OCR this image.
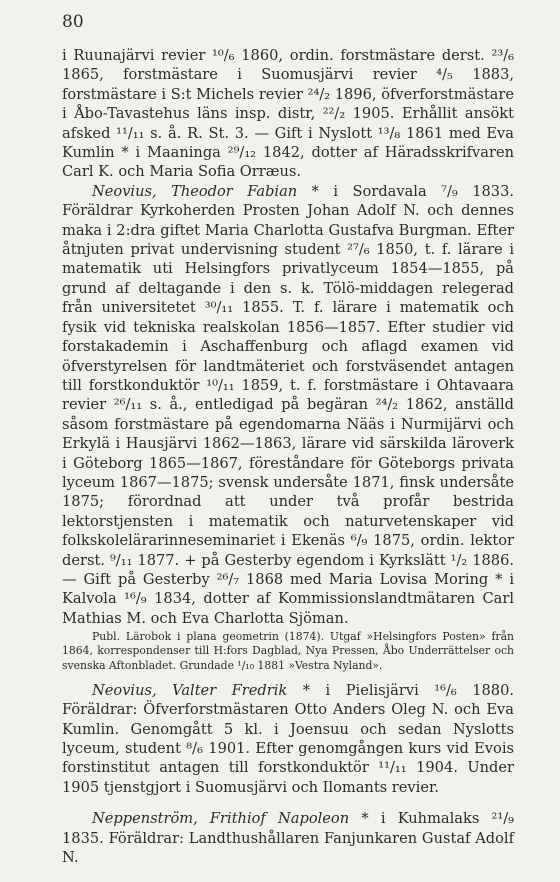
80

i Ruunajärvi revier ¹⁰/₆ 1860, ordin. forstmästare derst. ²³/₆ 1865, forstmästare i Suomusjärvi revier ⁴/₅ 1883, forstmästare i S:t Michels revier ²⁴/₂ 1896, öfverforstmästare i Åbo-Tavastehus läns insp. distr, ²²/₂ 1905. Erhållit ansökt afsked ¹¹/₁₁ s. å. R. St. 3. — Gift i Nyslott ¹³/₈ 1861 med Eva Kumlin * i Maaninga ²⁹/₁₂ 1842, dotter af Häradsskrifvaren Carl K. och Maria Sofia Orræus.

Neovius, Theodor Fabian * i Sordavala ⁷/₉ 1833. Föräldrar Kyrkoherden Prosten Johan Adolf N. och dennes maka i 2:dra giftet Maria Charlotta Gustafva Burgman. Efter åtnjuten privat undervisning student ²⁷/₆ 1850, t. f. lärare i matematik uti Helsingfors privatlyceum 1854—1855, på grund af deltagande i den s. k. Tölö-middagen relegerad från universitetet ³⁰/₁₁ 1855. T. f. lärare i matematik och fysik vid tekniska realskolan 1856—1857. Efter studier vid forstakademin i Aschaffenburg och aflagd examen vid öfverstyrelsen för landtmäteriet och forstväsendet antagen till forstkonduktör ¹⁰/₁₁ 1859, t. f. forstmästare i Ohtavaara revier ²⁶/₁₁ s. å., entledigad på begäran ²⁴/₂ 1862, anställd såsom forstmästare på egendomarna Nääs i Nurmijärvi och Erkylä i Hausjärvi 1862—1863, lärare vid särskilda läroverk i Göteborg 1865—1867, föreståndare för Göteborgs privata lyceum 1867—1875; svensk undersåte 1871, finsk undersåte 1875; förordnad att under två profår bestrida lektorstjensten i matematik och naturvetenskaper vid folkskolelärarinneseminariet i Ekenäs ⁶/₉ 1875, ordin. lektor derst. ⁹/₁₁ 1877. + på Gesterby egendom i Kyrkslätt ¹/₂ 1886. — Gift på Gesterby ²⁶/₇ 1868 med Maria Lovisa Moring * i Kalvola ¹⁶/₉ 1834, dotter af Kommissionslandtmätaren Carl Mathias M. och Eva Charlotta Sjöman.

Publ. Lärobok i plana geometrin (1874). Utgaf »Helsingfors Posten» från 1864, korrespondenser till H:fors Dagblad, Nya Pressen, Åbo Underrättelser och svenska Aftonbladet. Grundade ¹/₁₀ 1881 »Vestra Nyland».

Neovius, Valter Fredrik * i Pielisjärvi ¹⁶/₆ 1880. Föräldrar: Öfverforstmästaren Otto Anders Oleg N. och Eva Kumlin. Genomgått 5 kl. i Joensuu och sedan Nyslotts lyceum, student ⁸/₆ 1901. Efter genomgången kurs vid Evois forstinstitut antagen till forstkonduktör ¹¹/₁₁ 1904. Under 1905 tjenstgjort i Suomusjärvi och Ilomants revier.

Neppenström, Frithiof Napoleon * i Kuhmalaks ²¹/₉ 1835. Föräldrar: Landthushållaren Fanjunkaren Gustaf Adolf N.
